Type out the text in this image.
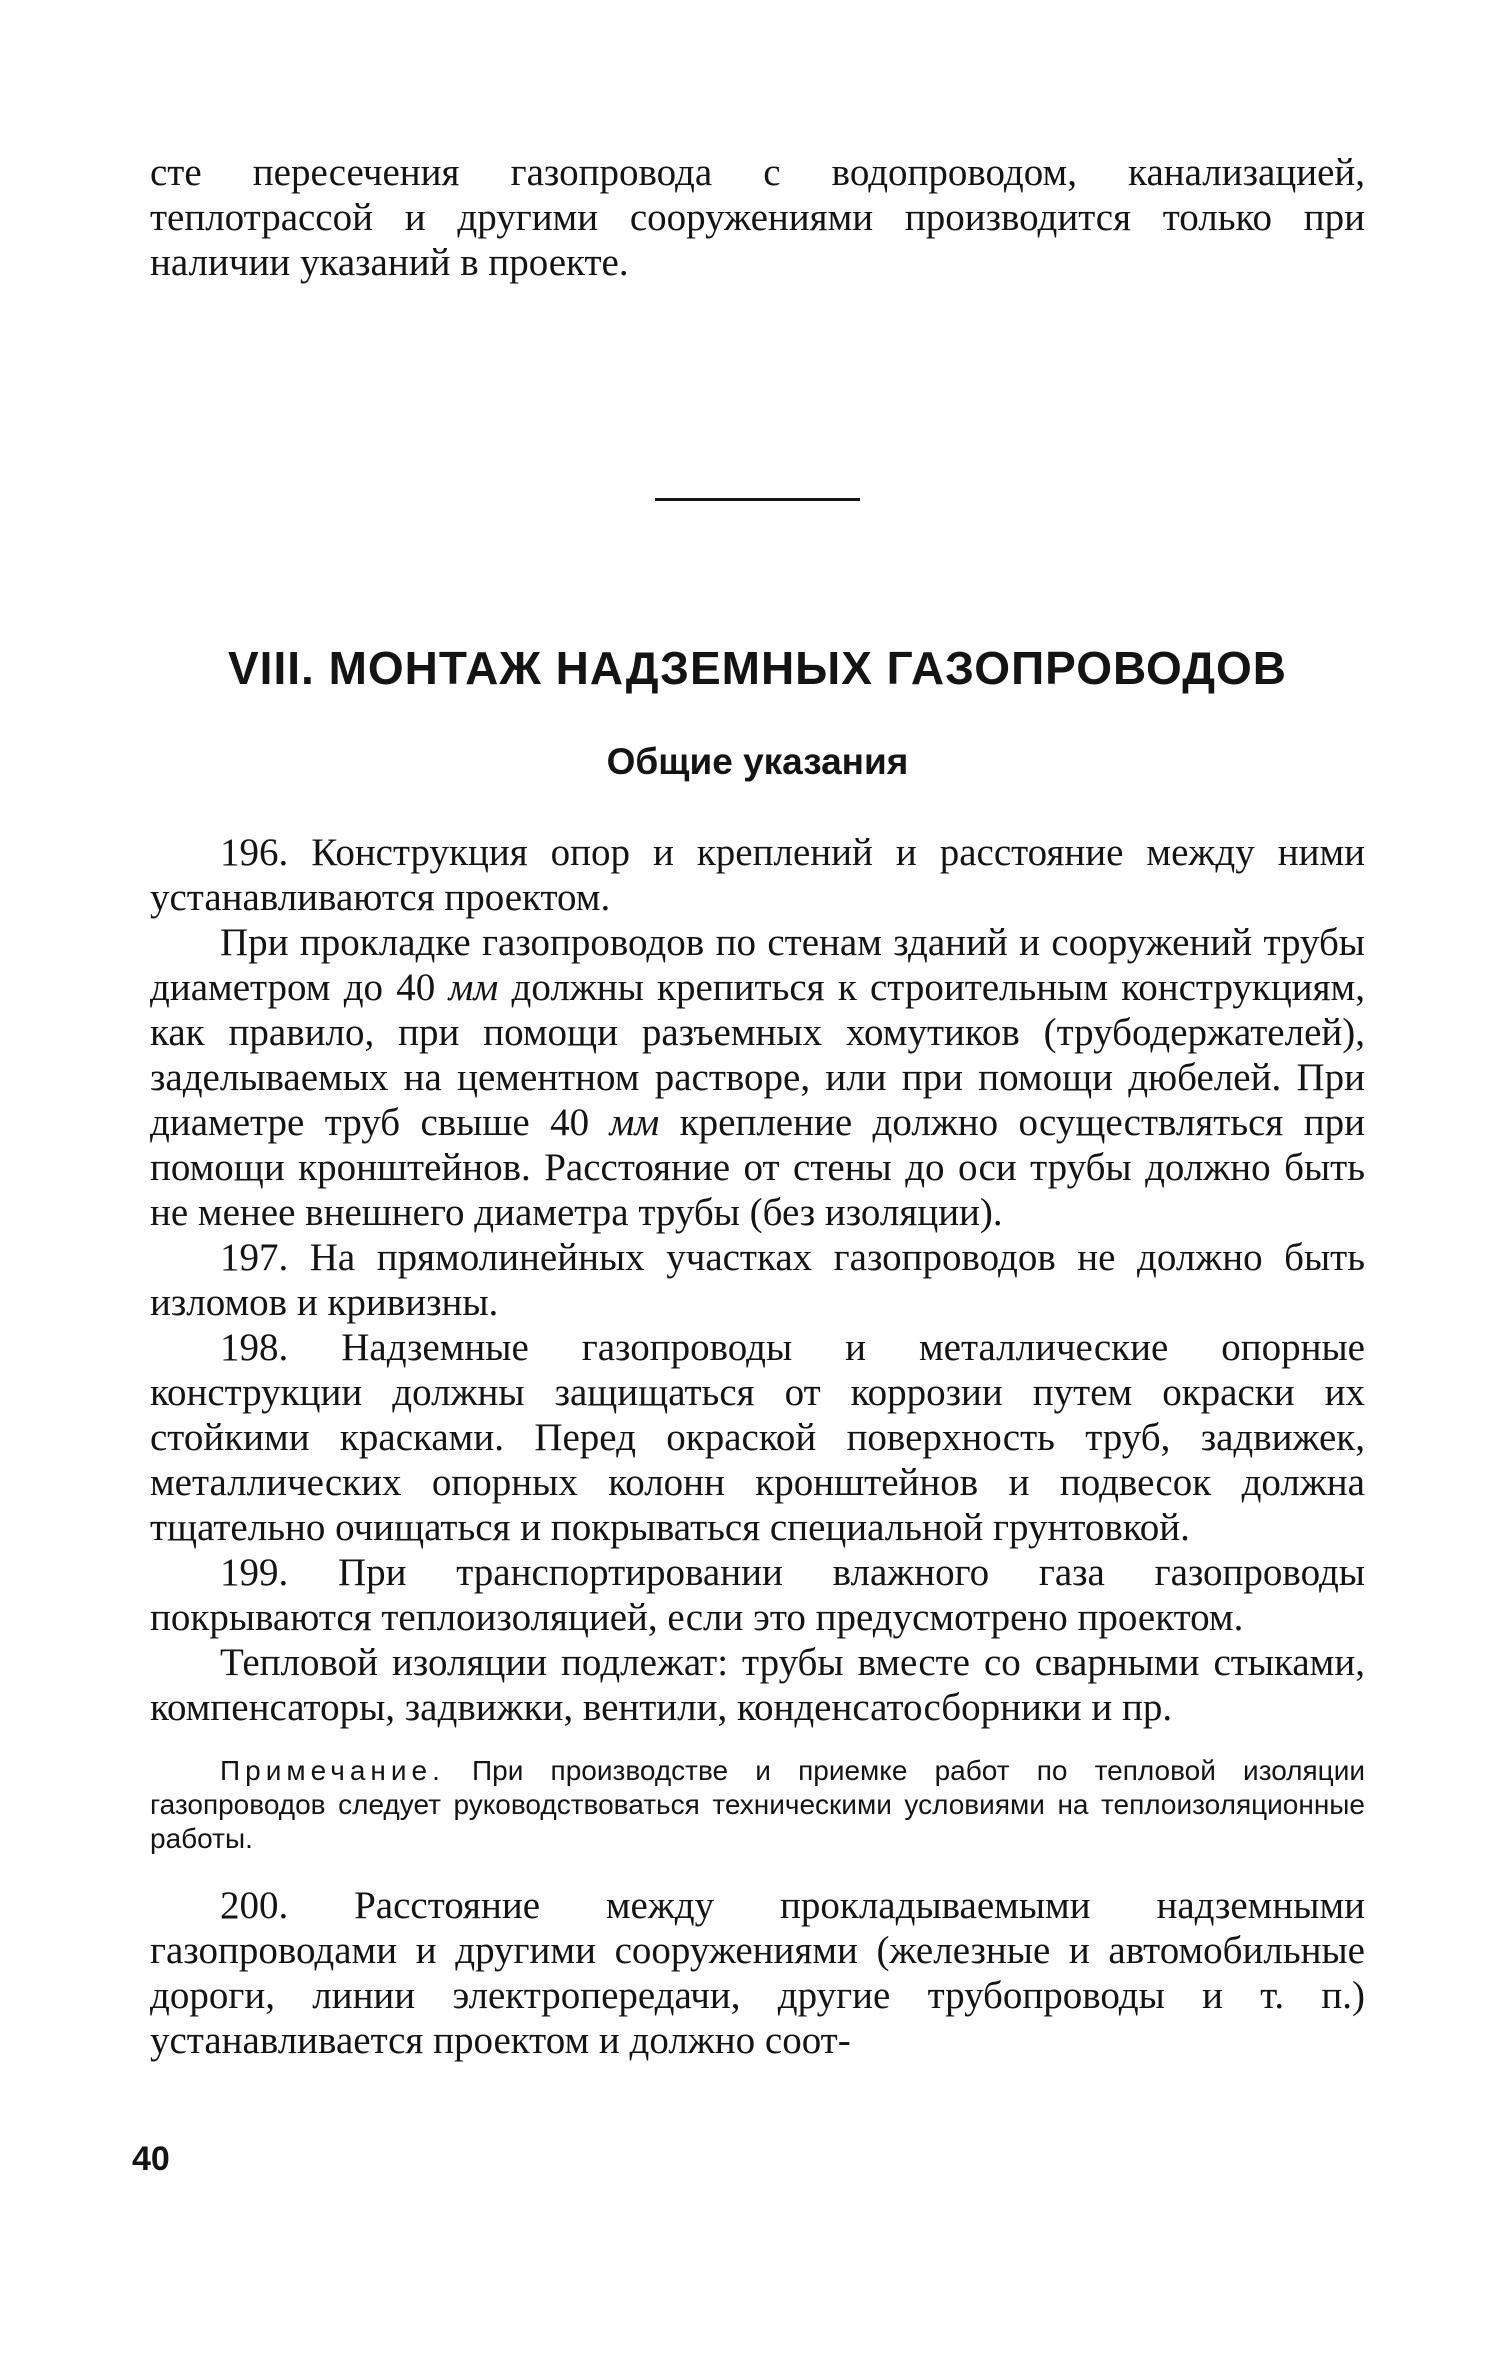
сте пересечения газопровода с водопроводом, канализацией, теплотрассой и другими сооружениями производится только при наличии указаний в проекте.

VIII. МОНТАЖ НАДЗЕМНЫХ ГАЗОПРОВОДОВ
Общие указания

196. Конструкция опор и креплений и расстояние между ними устанавливаются проектом.

При прокладке газопроводов по стенам зданий и сооружений трубы диаметром до 40 мм должны крепиться к строительным конструкциям, как правило, при помощи разъемных хомутиков (трубодержателей), заделываемых на цементном растворе, или при помощи дюбелей. При диаметре труб свыше 40 мм крепление должно осуществляться при помощи кронштейнов. Расстояние от стены до оси трубы должно быть не менее внешнего диаметра трубы (без изоляции).

197. На прямолинейных участках газопроводов не должно быть изломов и кривизны.

198. Надземные газопроводы и металлические опорные конструкции должны защищаться от коррозии путем окраски их стойкими красками. Перед окраской поверхность труб, задвижек, металлических опорных колонн кронштейнов и подвесок должна тщательно очищаться и покрываться специальной грунтовкой.

199. При транспортировании влажного газа газопроводы покрываются теплоизоляцией, если это предусмотрено проектом.

Тепловой изоляции подлежат: трубы вместе со сварными стыками, компенсаторы, задвижки, вентили, конденсатосборники и пр.

Примечание. При производстве и приемке работ по тепловой изоляции газопроводов следует руководствоваться техническими условиями на теплоизоляционные работы.

200. Расстояние между прокладываемыми надземными газопроводами и другими сооружениями (железные и автомобильные дороги, линии электропередачи, другие трубопроводы и т. п.) устанавливается проектом и должно соот-

40
